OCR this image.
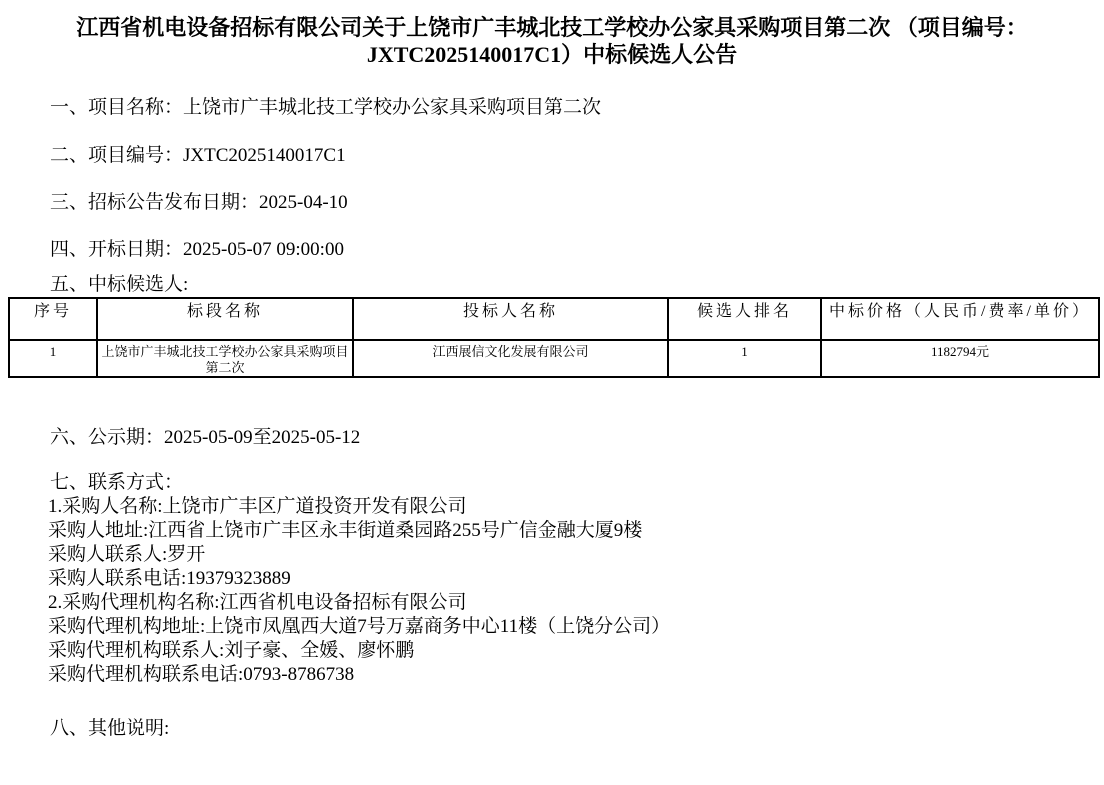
江西省机电设备招标有限公司关于上饶市广丰城北技工学校办公家具采购项目第二次 （项目编号：JXTC2025140017C1）中标候选人公告

一、项目名称：上饶市广丰城北技工学校办公家具采购项目第二次

二、项目编号：JXTC2025140017C1

三、招标公告发布日期：2025-04-10

四、开标日期：2025-05-07 09:00:00

五、中标候选人:

序号	标段名称	投标人名称	候选人排名	中标价格（人民币/费率/单价）
1	上饶市广丰城北技工学校办公家具采购项目第二次	江西展信文化发展有限公司	1	1182794元

六、公示期：2025-05-09至2025-05-12

七、联系方式：

1.采购人名称:上饶市广丰区广道投资开发有限公司

采购人地址:江西省上饶市广丰区永丰街道桑园路255号广信金融大厦9楼

采购人联系人:罗开

采购人联系电话:19379323889

2.采购代理机构名称:江西省机电设备招标有限公司

采购代理机构地址:上饶市凤凰西大道7号万嘉商务中心11楼（上饶分公司）

采购代理机构联系人:刘子豪、全媛、廖怀鹏

采购代理机构联系电话:0793-8786738

八、其他说明:
